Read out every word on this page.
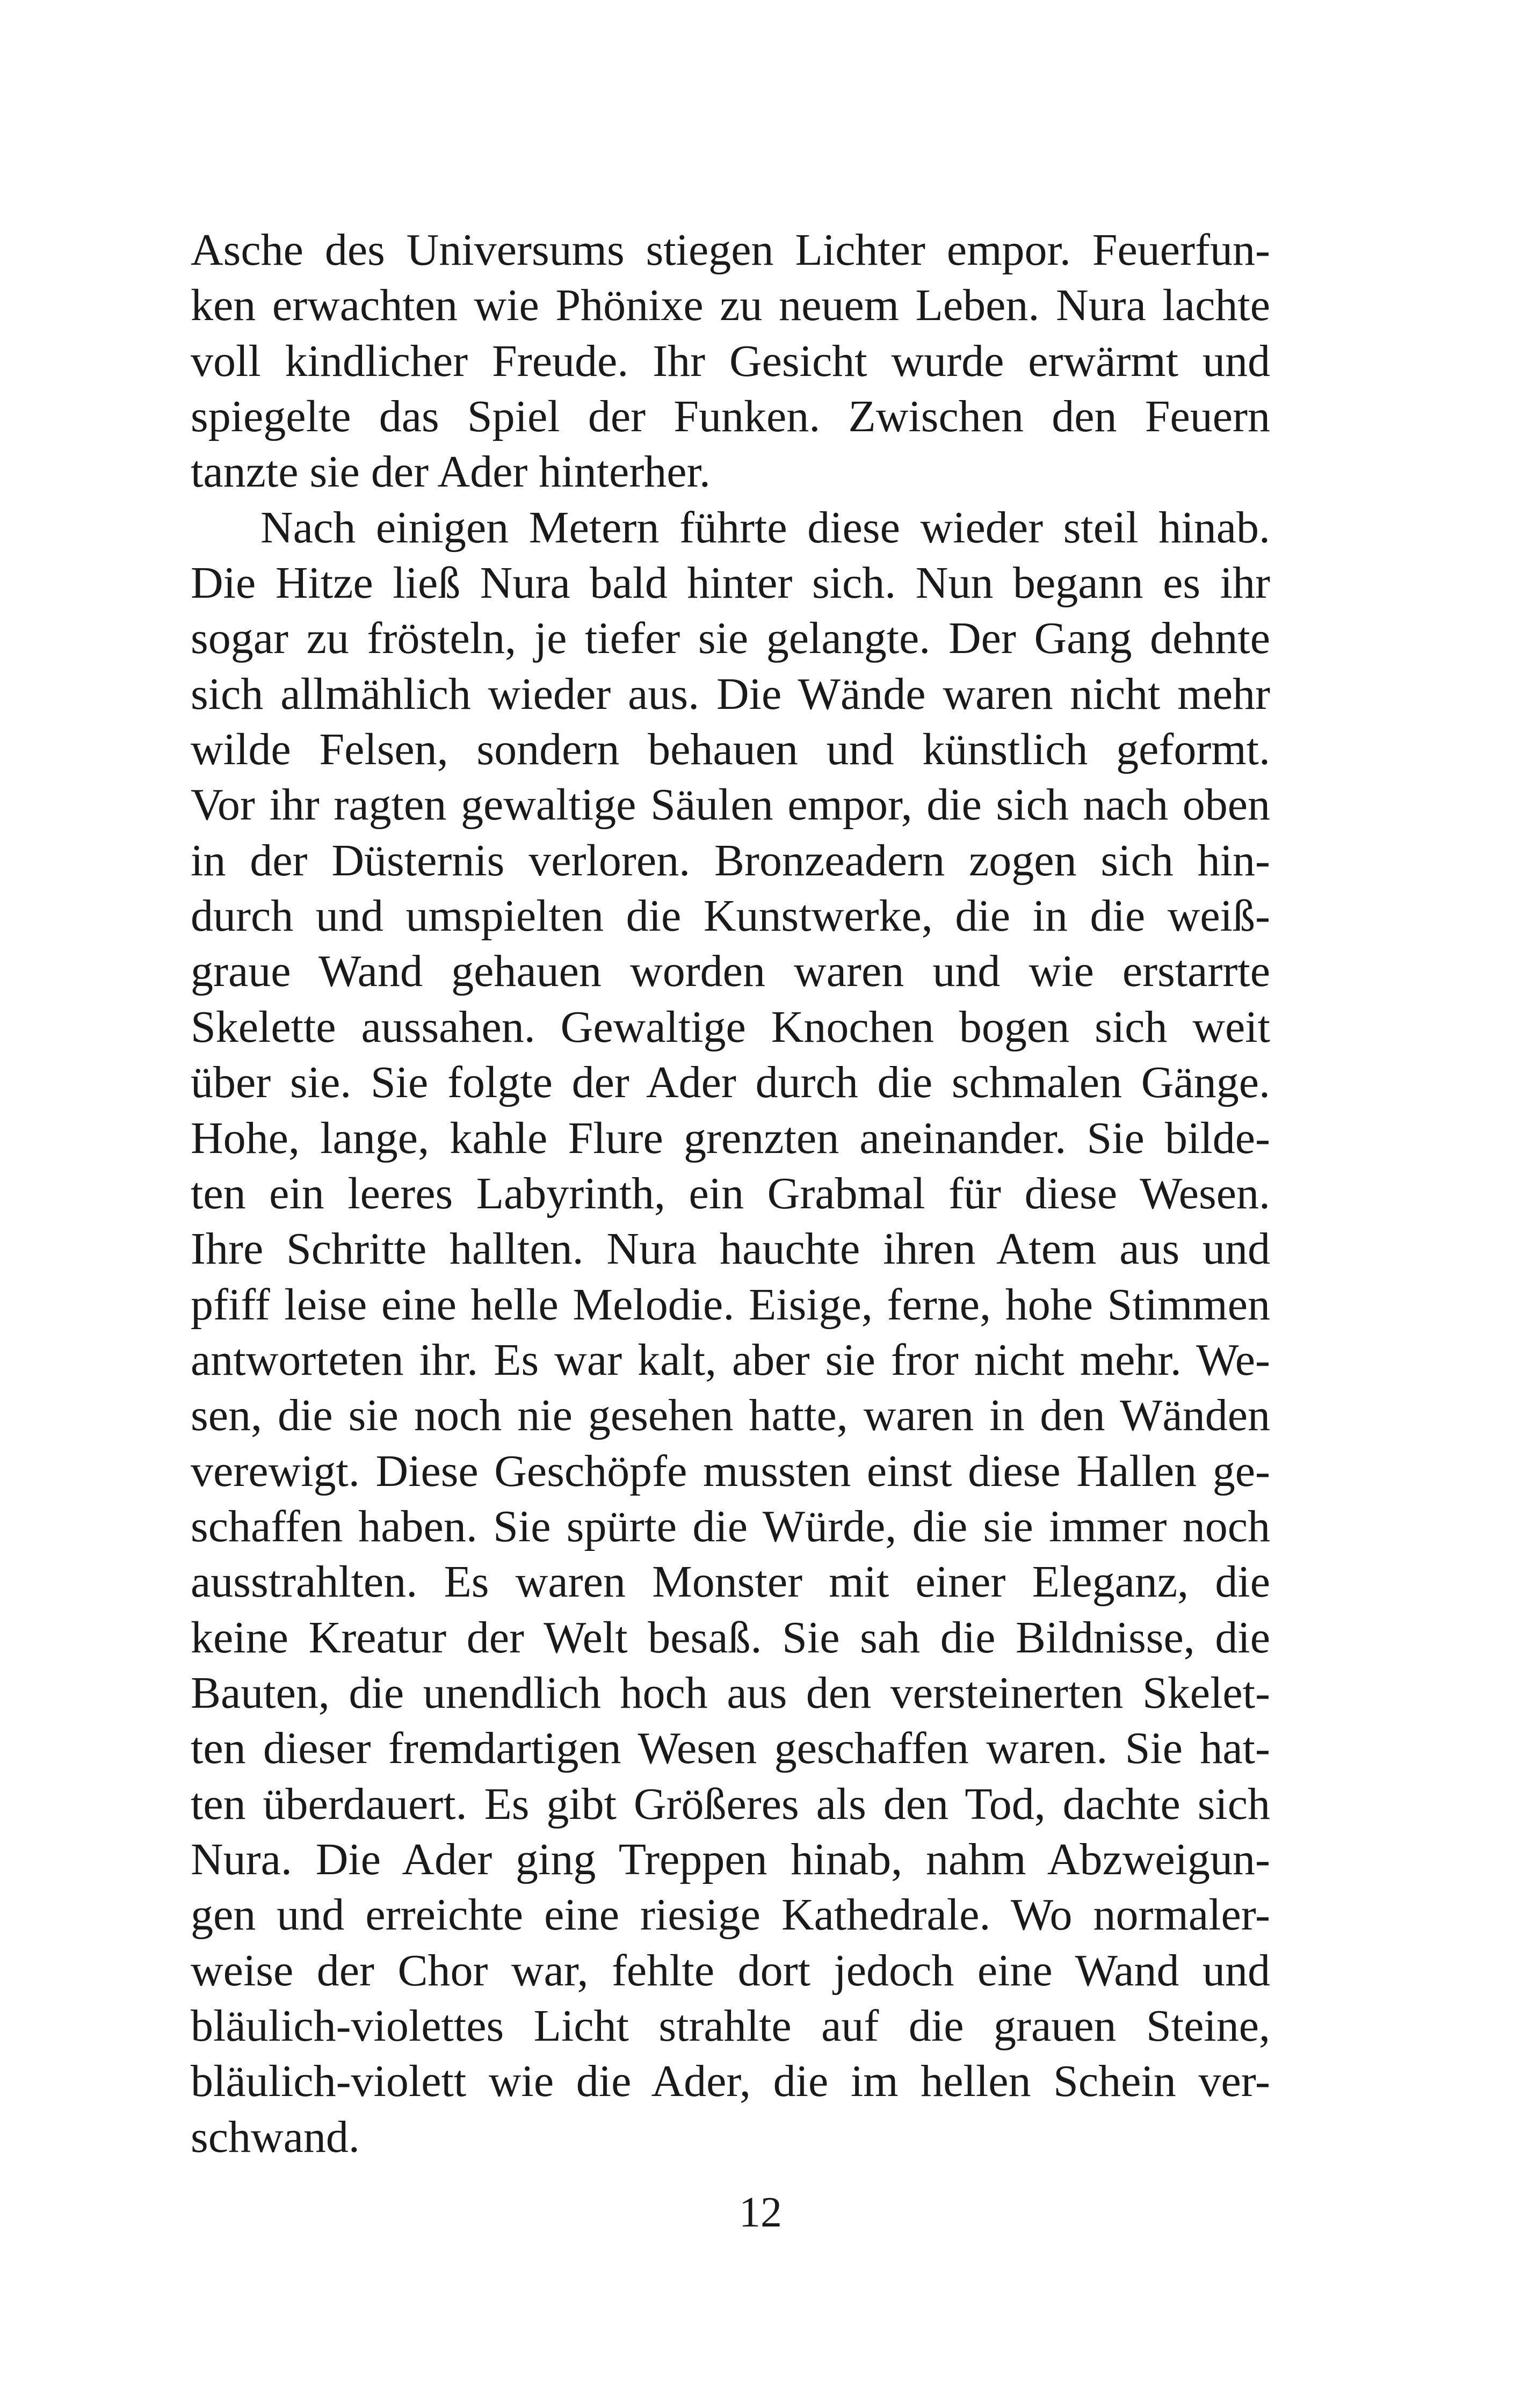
Asche des Universums stiegen Lichter empor. Feuerfun-
ken erwachten wie Phönixe zu neuem Leben. Nura lachte
voll kindlicher Freude. Ihr Gesicht wurde erwärmt und
spiegelte das Spiel der Funken. Zwischen den Feuern
tanzte sie der Ader hinterher.
Nach einigen Metern führte diese wieder steil hinab.
Die Hitze ließ Nura bald hinter sich. Nun begann es ihr
sogar zu frösteln, je tiefer sie gelangte. Der Gang dehnte
sich allmählich wieder aus. Die Wände waren nicht mehr
wilde Felsen, sondern behauen und künstlich geformt.
Vor ihr ragten gewaltige Säulen empor, die sich nach oben
in der Düsternis verloren. Bronzeadern zogen sich hin-
durch und umspielten die Kunstwerke, die in die weiß-
graue Wand gehauen worden waren und wie erstarrte
Skelette aussahen. Gewaltige Knochen bogen sich weit
über sie. Sie folgte der Ader durch die schmalen Gänge.
Hohe, lange, kahle Flure grenzten aneinander. Sie bilde-
ten ein leeres Labyrinth, ein Grabmal für diese Wesen.
Ihre Schritte hallten. Nura hauchte ihren Atem aus und
pfiff leise eine helle Melodie. Eisige, ferne, hohe Stimmen
antworteten ihr. Es war kalt, aber sie fror nicht mehr. We-
sen, die sie noch nie gesehen hatte, waren in den Wänden
verewigt. Diese Geschöpfe mussten einst diese Hallen ge-
schaffen haben. Sie spürte die Würde, die sie immer noch
ausstrahlten. Es waren Monster mit einer Eleganz, die
keine Kreatur der Welt besaß. Sie sah die Bildnisse, die
Bauten, die unendlich hoch aus den versteinerten Skelet-
ten dieser fremdartigen Wesen geschaffen waren. Sie hat-
ten überdauert. Es gibt Größeres als den Tod, dachte sich
Nura. Die Ader ging Treppen hinab, nahm Abzweigun-
gen und erreichte eine riesige Kathedrale. Wo normaler-
weise der Chor war, fehlte dort jedoch eine Wand und
bläulich-violettes Licht strahlte auf die grauen Steine,
bläulich-violett wie die Ader, die im hellen Schein ver-
schwand.
12
